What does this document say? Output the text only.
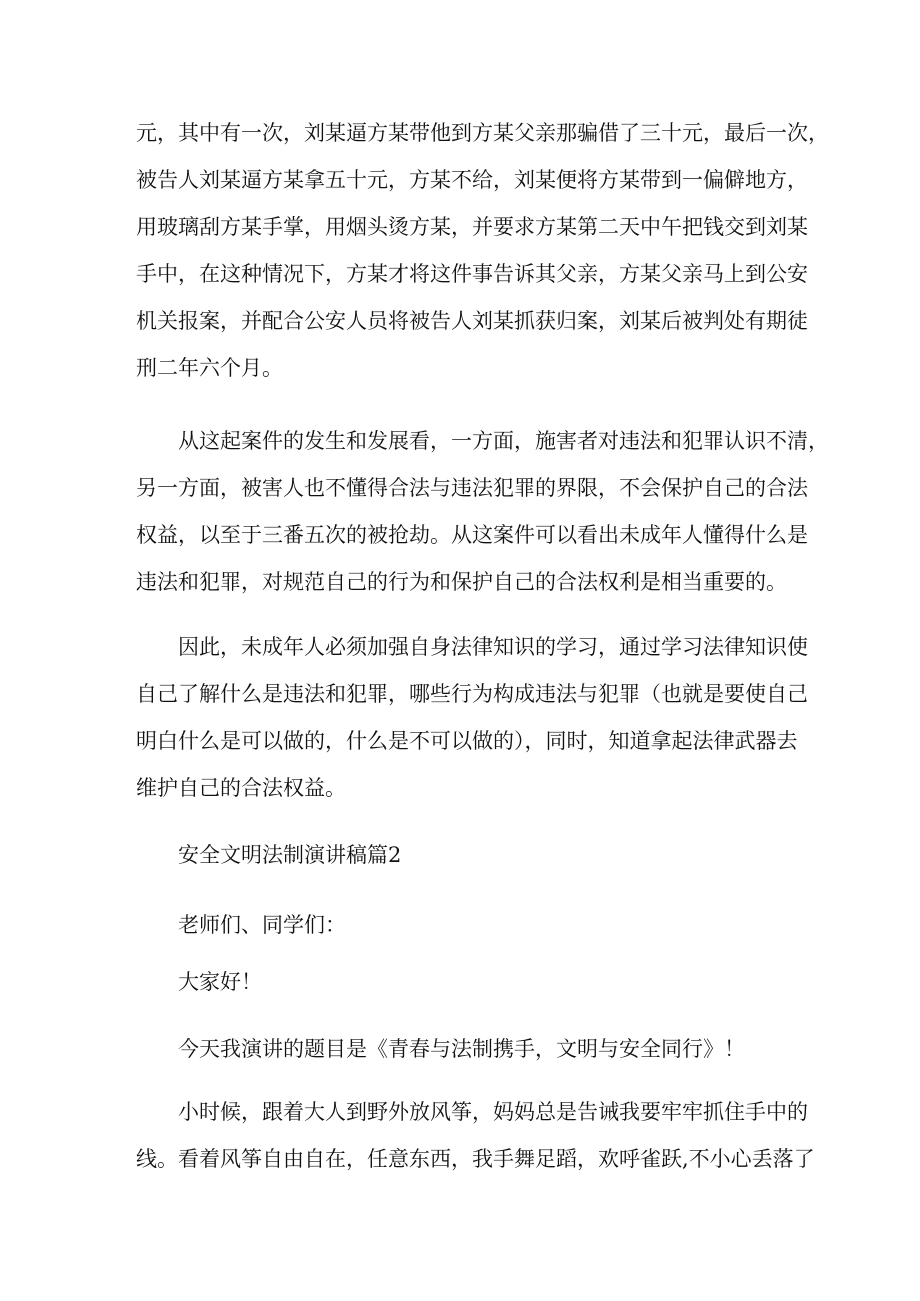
元，其中有一次，刘某逼方某带他到方某父亲那骗借了三十元，最后一次，
被告人刘某逼方某拿五十元，方某不给，刘某便将方某带到一偏僻地方，
用玻璃刮方某手掌，用烟头烫方某，并要求方某第二天中午把钱交到刘某
手中，在这种情况下，方某才将这件事告诉其父亲，方某父亲马上到公安
机关报案，并配合公安人员将被告人刘某抓获归案，刘某后被判处有期徒
刑二年六个月。
从这起案件的发生和发展看，一方面，施害者对违法和犯罪认识不清，
另一方面，被害人也不懂得合法与违法犯罪的界限，不会保护自己的合法
权益，以至于三番五次的被抢劫。从这案件可以看出未成年人懂得什么是
违法和犯罪，对规范自己的行为和保护自己的合法权利是相当重要的。
因此，未成年人必须加强自身法律知识的学习，通过学习法律知识使
自己了解什么是违法和犯罪，哪些行为构成违法与犯罪（也就是要使自己
明白什么是可以做的，什么是不可以做的），同时，知道拿起法律武器去
维护自己的合法权益。
安全文明法制演讲稿篇2
老师们、同学们：
大家好！
今天我演讲的题目是《青春与法制携手，文明与安全同行》！
小时候，跟着大人到野外放风筝，妈妈总是告诫我要牢牢抓住手中的
线。看着风筝自由自在，任意东西，我手舞足蹈，欢呼雀跃,不小心丢落了
